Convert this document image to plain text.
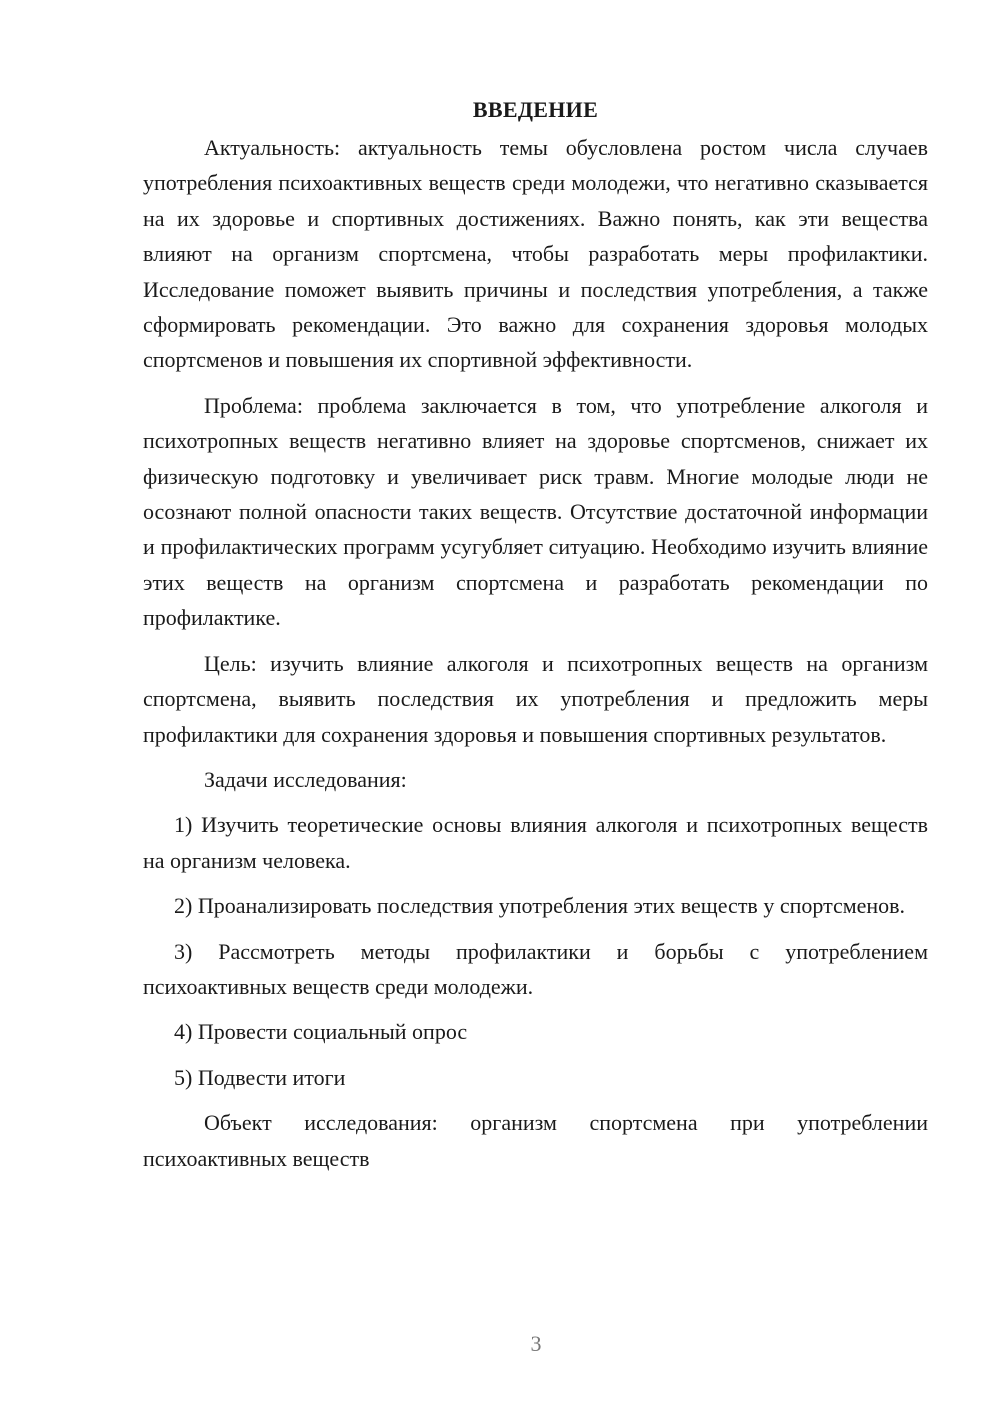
ВВЕДЕНИЕ

Актуальность: актуальность темы обусловлена ростом числа случаев употребления психоактивных веществ среди молодежи, что негативно сказывается на их здоровье и спортивных достижениях. Важно понять, как эти вещества влияют на организм спортсмена, чтобы разработать меры профилактики. Исследование поможет выявить причины и последствия употребления, а также сформировать рекомендации. Это важно для сохранения здоровья молодых спортсменов и повышения их спортивной эффективности.

Проблема: проблема заключается в том, что употребление алкоголя и психотропных веществ негативно влияет на здоровье спортсменов, снижает их физическую подготовку и увеличивает риск травм. Многие молодые люди не осознают полной опасности таких веществ. Отсутствие достаточной информации и профилактических программ усугубляет ситуацию. Необходимо изучить влияние этих веществ на организм спортсмена и разработать рекомендации по профилактике.

Цель: изучить влияние алкоголя и психотропных веществ на организм спортсмена, выявить последствия их употребления и предложить меры профилактики для сохранения здоровья и повышения спортивных результатов.

Задачи исследования:

1) Изучить теоретические основы влияния алкоголя и психотропных веществ на организм человека.

2) Проанализировать последствия употребления этих веществ у спортсменов.

3) Рассмотреть методы профилактики и борьбы с употреблением психоактивных веществ среди молодежи.

4) Провести социальный опрос

5) Подвести итоги

Объект исследования: организм спортсмена при употреблении психоактивных веществ

3
